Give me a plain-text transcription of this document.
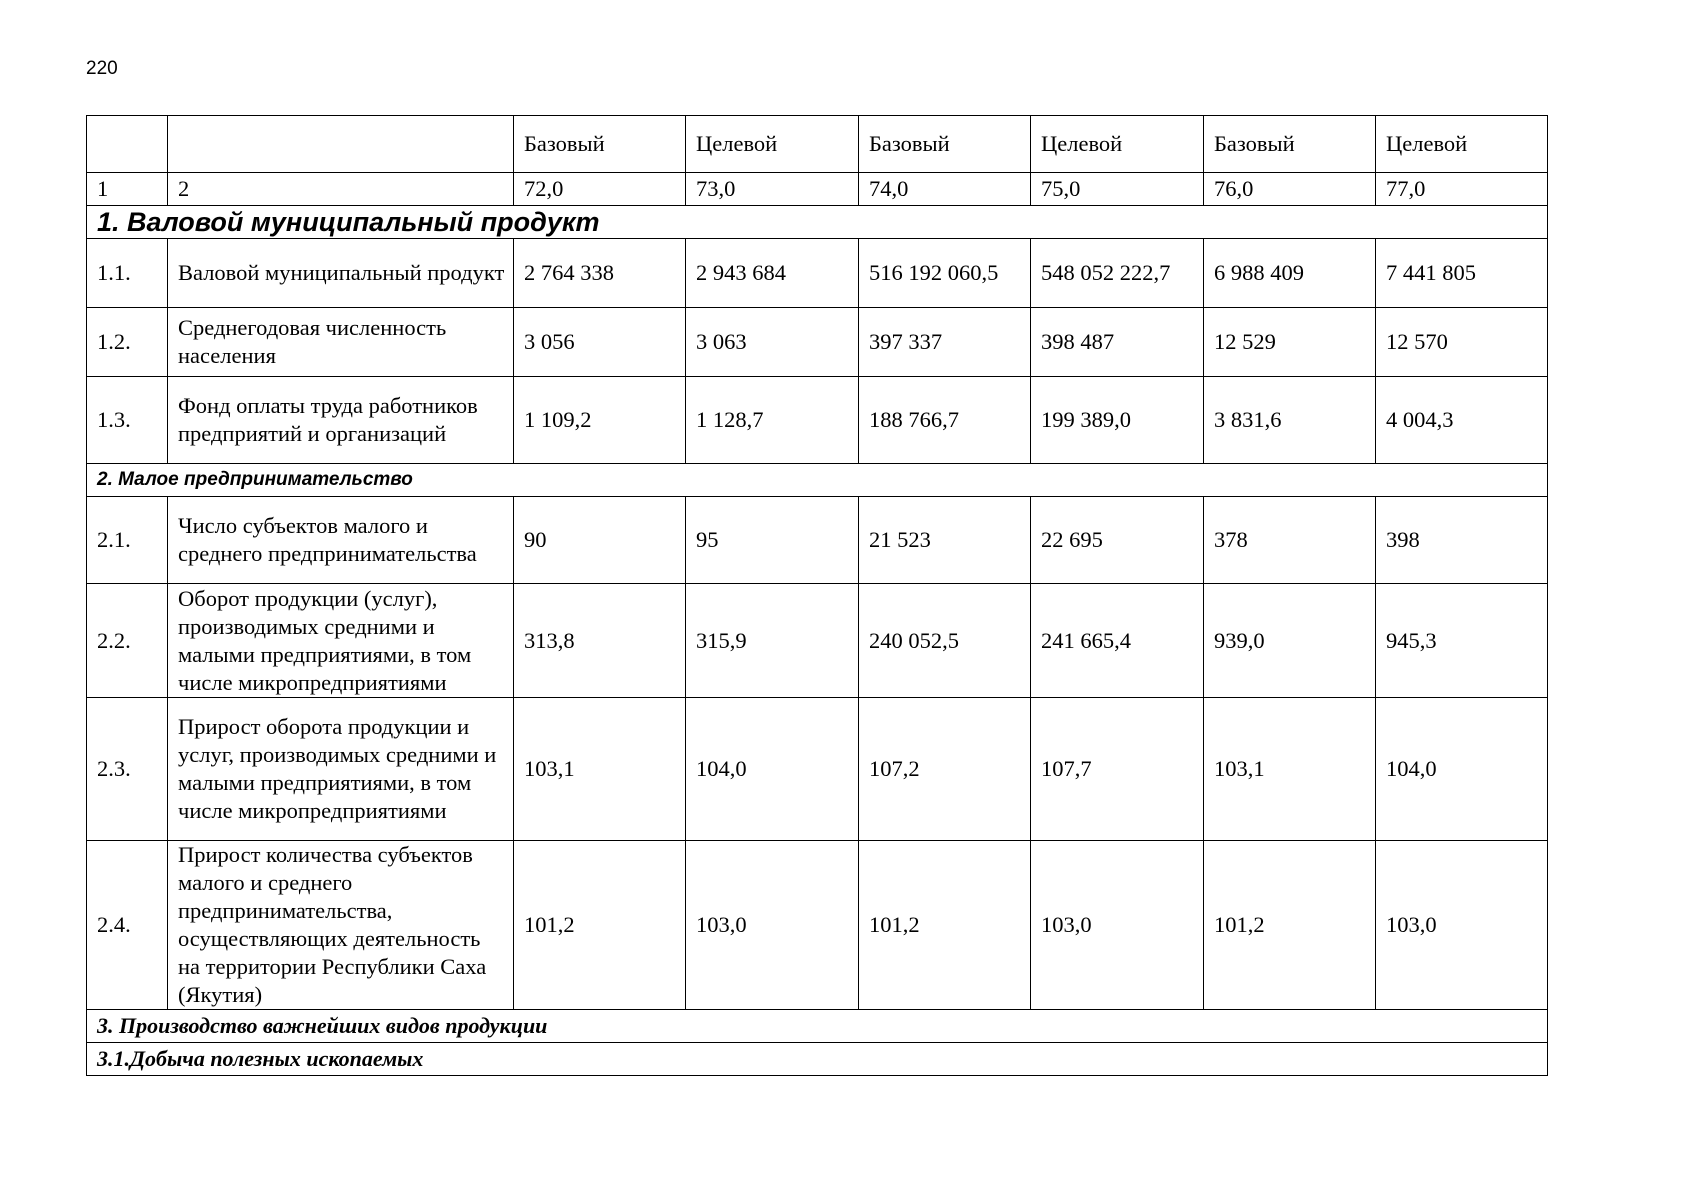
220
		Базовый	Целевой	Базовый	Целевой	Базовый	Целевой
1	2	72,0	73,0	74,0	75,0	76,0	77,0
1. Валовой муниципальный продукт							
1.1.	Валовой муниципальный продукт	2 764 338	2 943 684	516 192 060,5	548 052 222,7	6 988 409	7 441 805
1.2.	Среднегодовая численность населения	3 056	3 063	397 337	398 487	12 529	12 570
1.3.	Фонд оплаты труда работников предприятий и организаций	1 109,2	1 128,7	188 766,7	199 389,0	3 831,6	4 004,3
2. Малое предпринимательство							
2.1.	Число субъектов малого и среднего предпринимательства	90	95	21 523	22 695	378	398
2.2.	Оборот продукции (услуг), производимых средними и малыми предприятиями, в том числе микропредприятиями	313,8	315,9	240 052,5	241 665,4	939,0	945,3
2.3.	Прирост оборота продукции и услуг, производимых средними и малыми предприятиями, в том числе микропредприятиями	103,1	104,0	107,2	107,7	103,1	104,0
2.4.	Прирост количества субъектов малого и среднего предпринимательства, осуществляющих деятельность на территории Республики Саха (Якутия)	101,2	103,0	101,2	103,0	101,2	103,0
3. Производство важнейших видов продукции							
3.1.Добыча полезных ископаемых							
